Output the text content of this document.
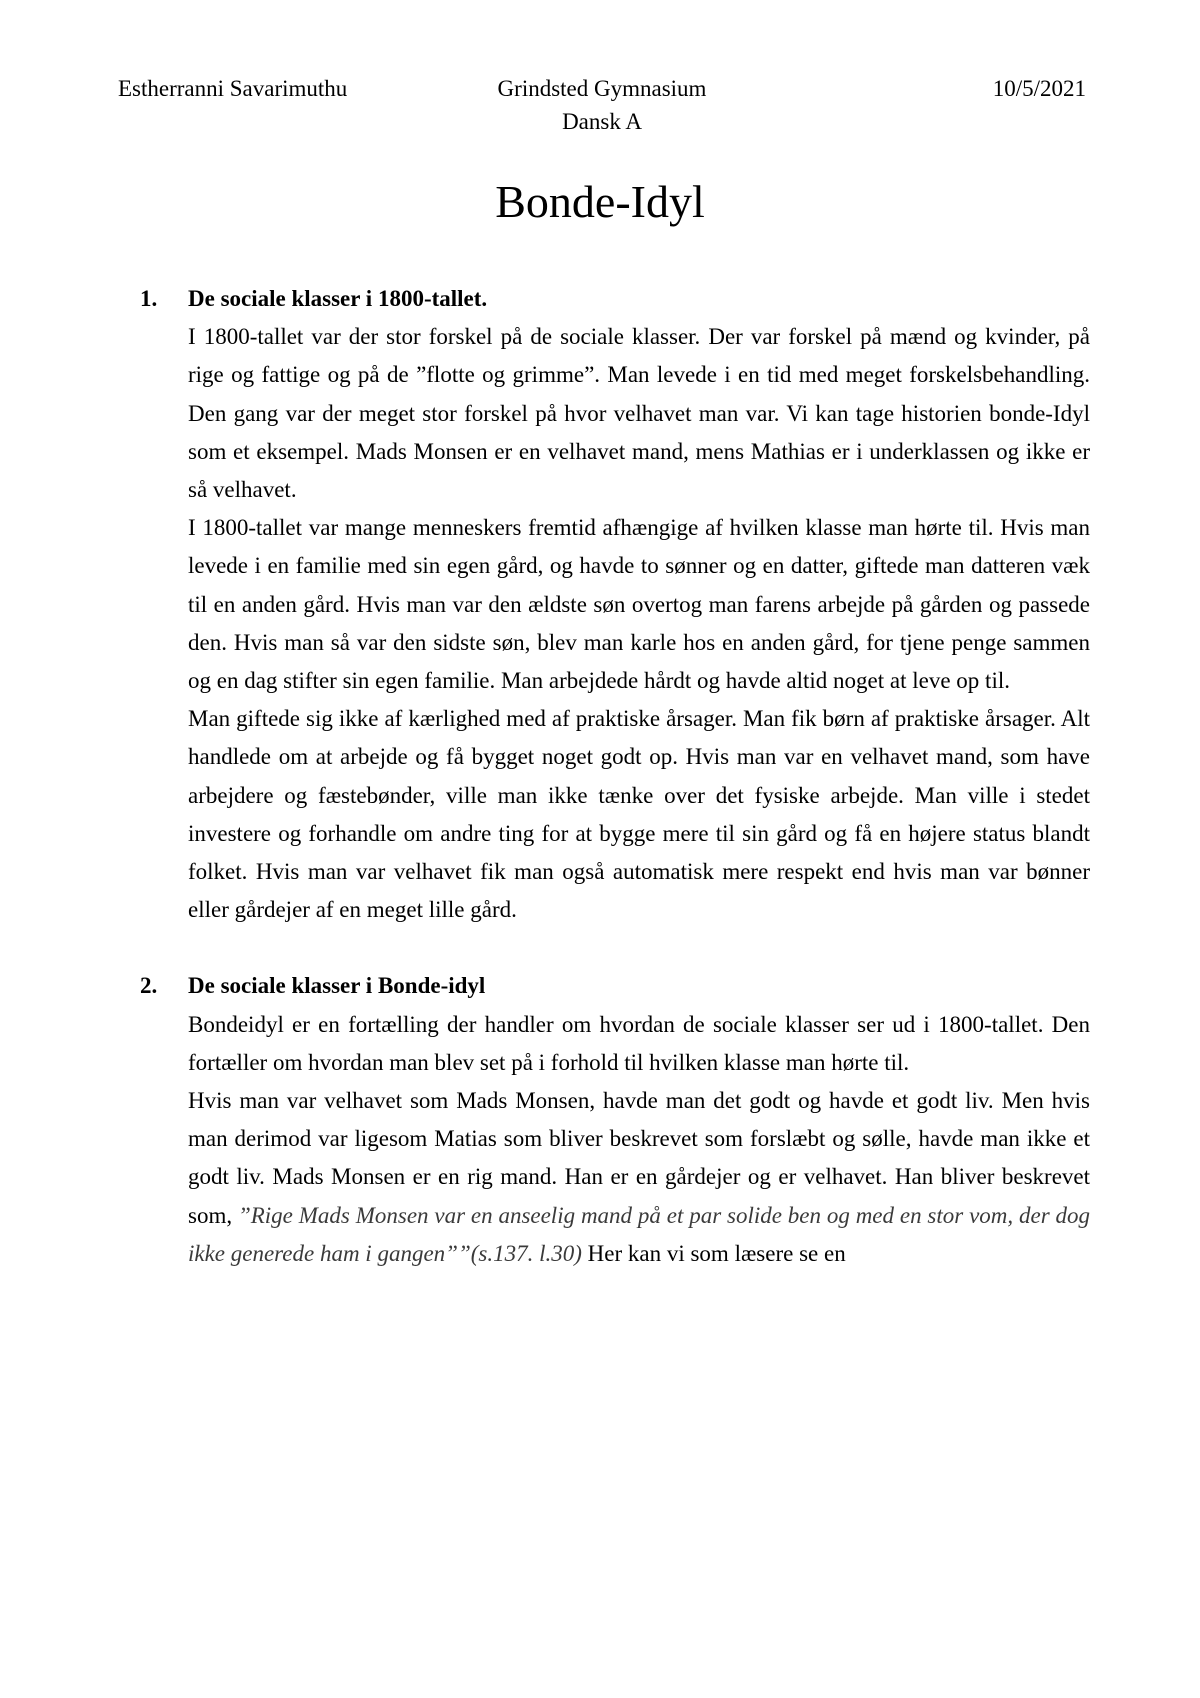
Estherranni Savarimuthu	Grindsted Gymnasium
Dansk A
10/5/2021
Bonde-Idyl
1. De sociale klasser i 1800-tallet.

I 1800-tallet var der stor forskel på de sociale klasser. Der var forskel på mænd og kvinder, på rige og fattige og på de ”flotte og grimme”. Man levede i en tid med meget forskelsbehandling. Den gang var der meget stor forskel på hvor velhavet man var. Vi kan tage historien bonde-Idyl som et eksempel. Mads Monsen er en velhavet mand, mens Mathias er i underklassen og ikke er så velhavet.

I 1800-tallet var mange menneskers fremtid afhængige af hvilken klasse man hørte til. Hvis man levede i en familie med sin egen gård, og havde to sønner og en datter, giftede man datteren væk til en anden gård. Hvis man var den ældste søn overtog man farens arbejde på gården og passede den. Hvis man så var den sidste søn, blev man karle hos en anden gård, for tjene penge sammen og en dag stifter sin egen familie. Man arbejdede hårdt og havde altid noget at leve op til.

Man giftede sig ikke af kærlighed med af praktiske årsager. Man fik børn af praktiske årsager. Alt handlede om at arbejde og få bygget noget godt op. Hvis man var en velhavet mand, som have arbejdere og fæstebønder, ville man ikke tænke over det fysiske arbejde. Man ville i stedet investere og forhandle om andre ting for at bygge mere til sin gård og få en højere status blandt folket. Hvis man var velhavet fik man også automatisk mere respekt end hvis man var bønner eller gårdejer af en meget lille gård.

2. De sociale klasser i Bonde-idyl

Bondeidyl er en fortælling der handler om hvordan de sociale klasser ser ud i 1800-tallet. Den fortæller om hvordan man blev set på i forhold til hvilken klasse man hørte til.

Hvis man var velhavet som Mads Monsen, havde man det godt og havde et godt liv. Men hvis man derimod var ligesom Matias som bliver beskrevet som forslæbt og sølle, havde man ikke et godt liv. Mads Monsen er en rig mand. Han er en gårdejer og er velhavet. Han bliver beskrevet som, ”Rige Mads Monsen var en anseelig mand på et par solide ben og med en stor vom, der dog ikke generede ham i gangen””(s.137. l.30) Her kan vi som læsere se en
